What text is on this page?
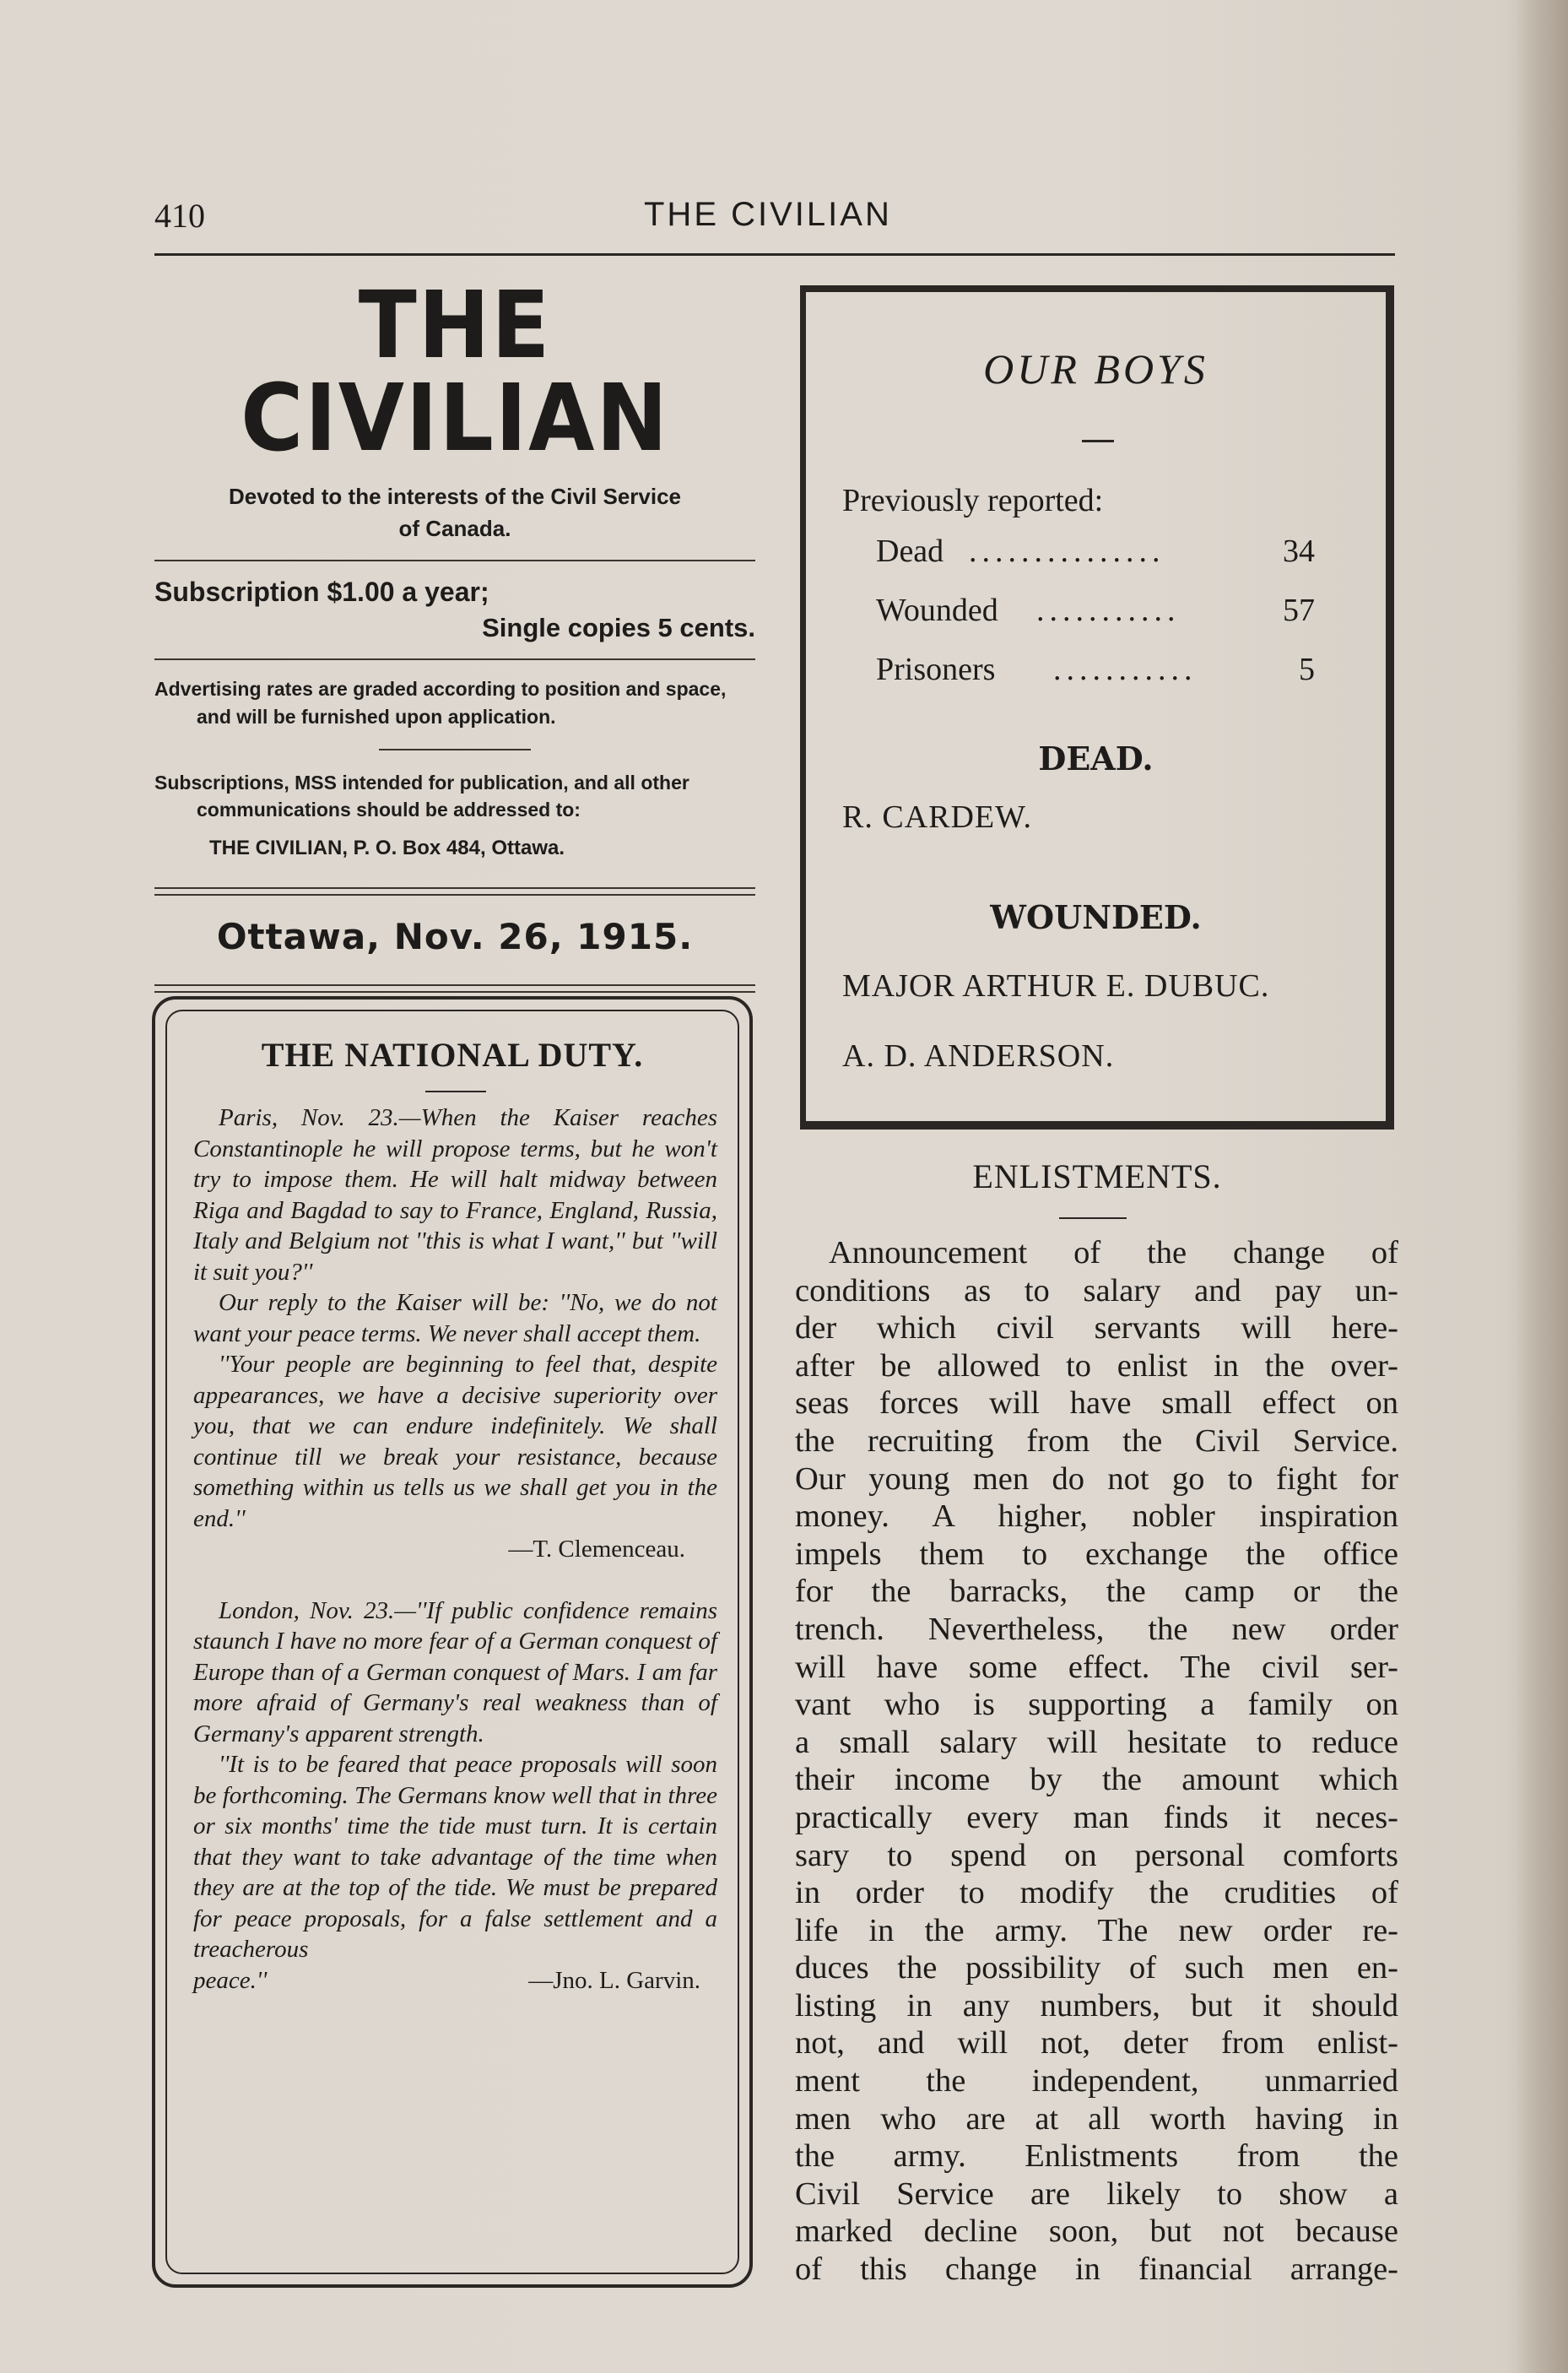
410	THE CIVILIAN
THE CIVILIAN
Devoted to the interests of the Civil Service
of Canada.
Subscription $1.00 a year;
Single copies 5 cents.
Advertising rates are graded according to position and space, and will be furnished upon application.
Subscriptions, MSS intended for publication, and all other communications should be addressed to:
THE CIVILIAN, P. O. Box 484, Ottawa.
Ottawa, Nov. 26, 1915.
THE NATIONAL DUTY.

Paris, Nov. 23.—When the Kaiser reaches Constantinople he will propose terms, but he won't try to impose them. He will halt midway between Riga and Bagdad to say to France, England, Russia, Italy and Belgium not ''this is what I want,'' but ''will it suit you?''

Our reply to the Kaiser will be: ''No, we do not want your peace terms. We never shall accept them.

''Your people are beginning to feel that, despite appearances, we have a decisive superiority over you, that we can endure indefinitely. We shall continue till we break your resistance, because something within us tells us we shall get you in the end.''

—T. Clemenceau.

London, Nov. 23.—''If public confidence remains staunch I have no more fear of a German conquest of Europe than of a German conquest of Mars. I am far more afraid of Germany's real weakness than of Germany's apparent strength.

''It is to be feared that peace proposals will soon be forthcoming. The Germans know well that in three or six months' time the tide must turn. It is certain that they want to take advantage of the time when they are at the top of the tide. We must be prepared for peace proposals, for a false settlement and a treacherous

peace.''	—Jno. L. Garvin.

OUR BOYS
Previously reported:
Dead ...............	34
Wounded ...........	57
Prisoners ...........	5
DEAD.
R. CARDEW.
WOUNDED.
MAJOR ARTHUR E. DUBUC.
A. D. ANDERSON.
ENLISTMENTS.
Announcement of the change of
conditions as to salary and pay un-
der which civil servants will here-
after be allowed to enlist in the over-
seas forces will have small effect on
the recruiting from the Civil Service.
Our young men do not go to fight for
money. A higher, nobler inspiration
impels them to exchange the office
for the barracks, the camp or the
trench. Nevertheless, the new order
will have some effect. The civil ser-
vant who is supporting a family on
a small salary will hesitate to reduce
their income by the amount which
practically every man finds it neces-
sary to spend on personal comforts
in order to modify the crudities of
life in the army. The new order re-
duces the possibility of such men en-
listing in any numbers, but it should
not, and will not, deter from enlist-
ment the independent, unmarried
men who are at all worth having in
the army. Enlistments from the
Civil Service are likely to show a
marked decline soon, but not because
of this change in financial arrange-
